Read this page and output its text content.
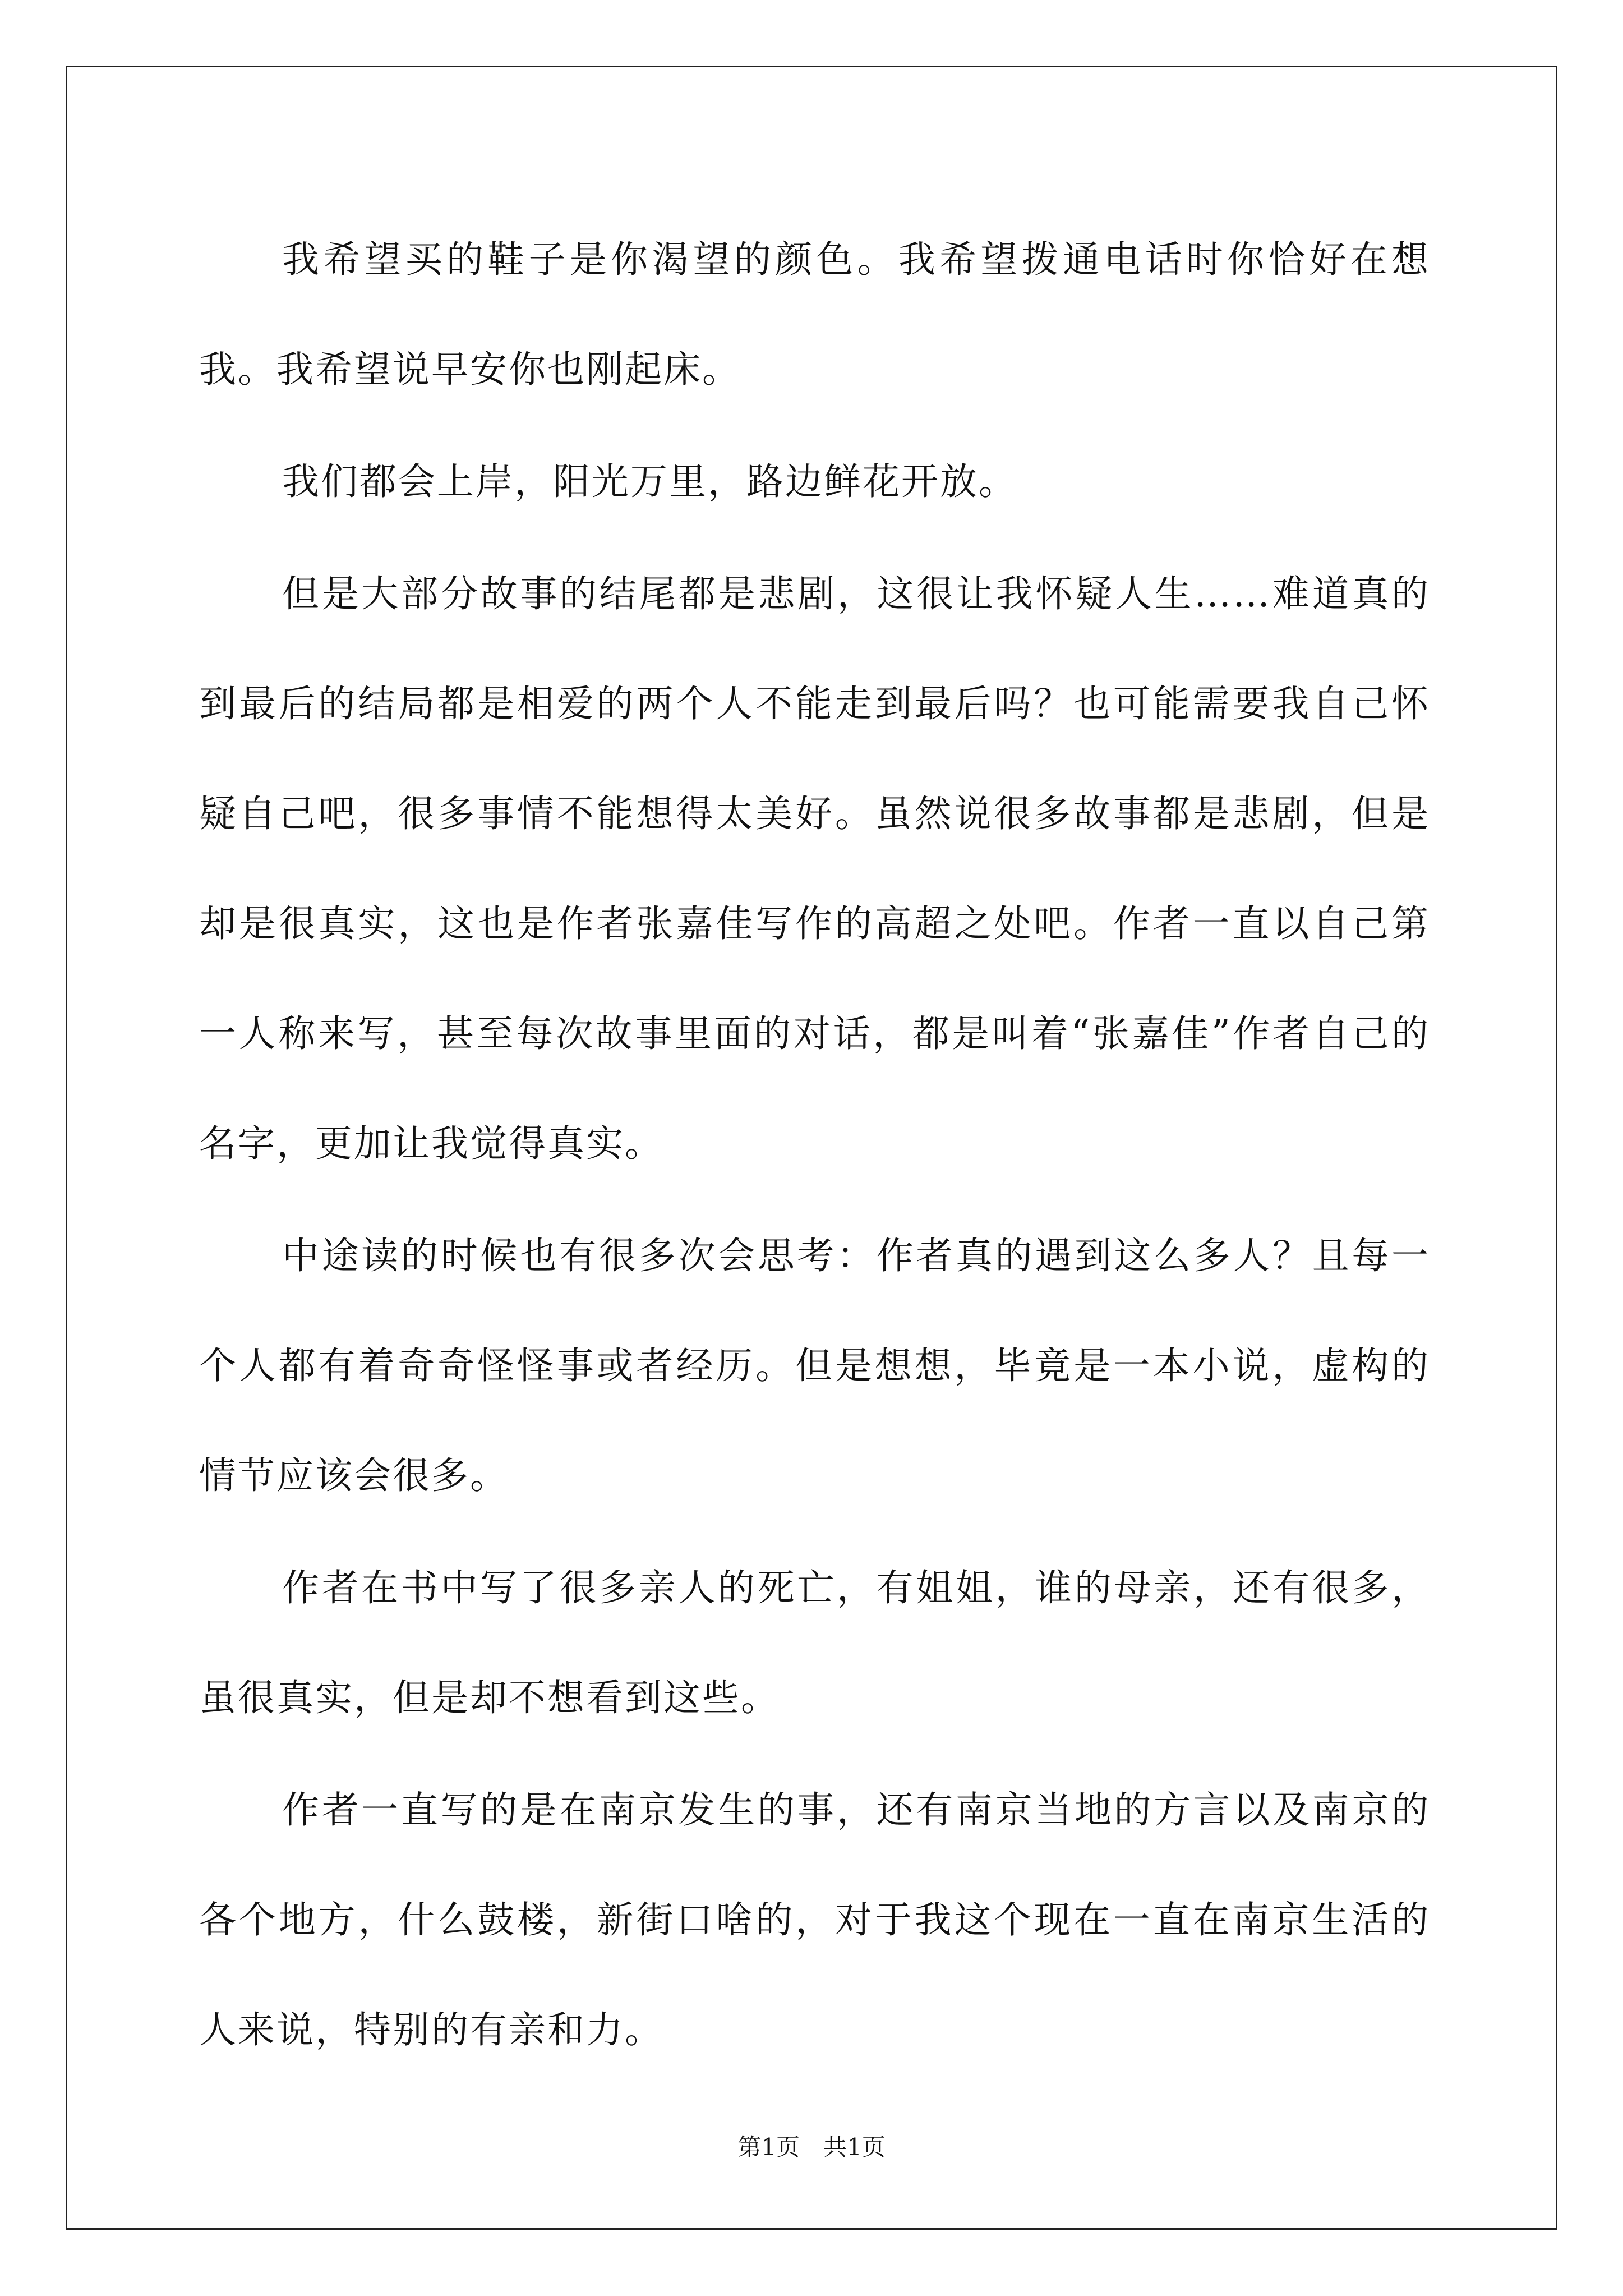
我希望买的鞋子是你渴望的颜色。我希望拨通电话时你恰好在想我。我希望说早安你也刚起床。

我们都会上岸，阳光万里，路边鲜花开放。

但是大部分故事的结尾都是悲剧，这很让我怀疑人生……难道真的到最后的结局都是相爱的两个人不能走到最后吗？也可能需要我自己怀疑自己吧，很多事情不能想得太美好。虽然说很多故事都是悲剧，但是却是很真实，这也是作者张嘉佳写作的高超之处吧。作者一直以自己第一人称来写，甚至每次故事里面的对话，都是叫着“张嘉佳”作者自己的名字，更加让我觉得真实。

中途读的时候也有很多次会思考：作者真的遇到这么多人？且每一个人都有着奇奇怪怪事或者经历。但是想想，毕竟是一本小说，虚构的情节应该会很多。

作者在书中写了很多亲人的死亡，有姐姐，谁的母亲，还有很多，虽很真实，但是却不想看到这些。

作者一直写的是在南京发生的事，还有南京当地的方言以及南京的各个地方，什么鼓楼，新街口啥的，对于我这个现在一直在南京生活的人来说，特别的有亲和力。

第1页　共1页
